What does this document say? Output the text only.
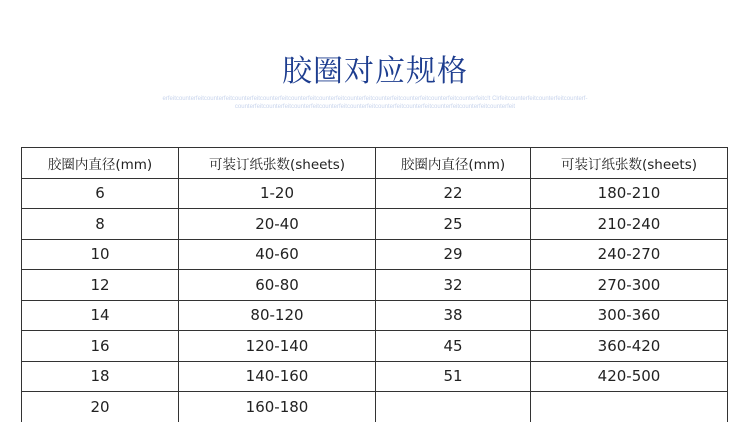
胶圈对应规格
erfeitcounterfeitcounterfeitcounterfeitcounterfeitcounterfeitcounterfeitcounterfeitcounterfeitcounterfeitcounterfeitcounterfeitc!t Clrfeitcounterfeitcounterfeitcounterf-
counterfeitcounterfeitcounterfeitcounterfeitcounterfeitcounterfeitcounterfeitcounterfeitcounterfeitcounterfeit
胶圈内直径(mm)	可装订纸张数(sheets)	胶圈内直径(mm)	可装订纸张数(sheets)
6	1-20	22	180-210
8	20-40	25	210-240
10	40-60	29	240-270
12	60-80	32	270-300
14	80-120	38	300-360
16	120-140	45	360-420
18	140-160	51	420-500
20	160-180		
